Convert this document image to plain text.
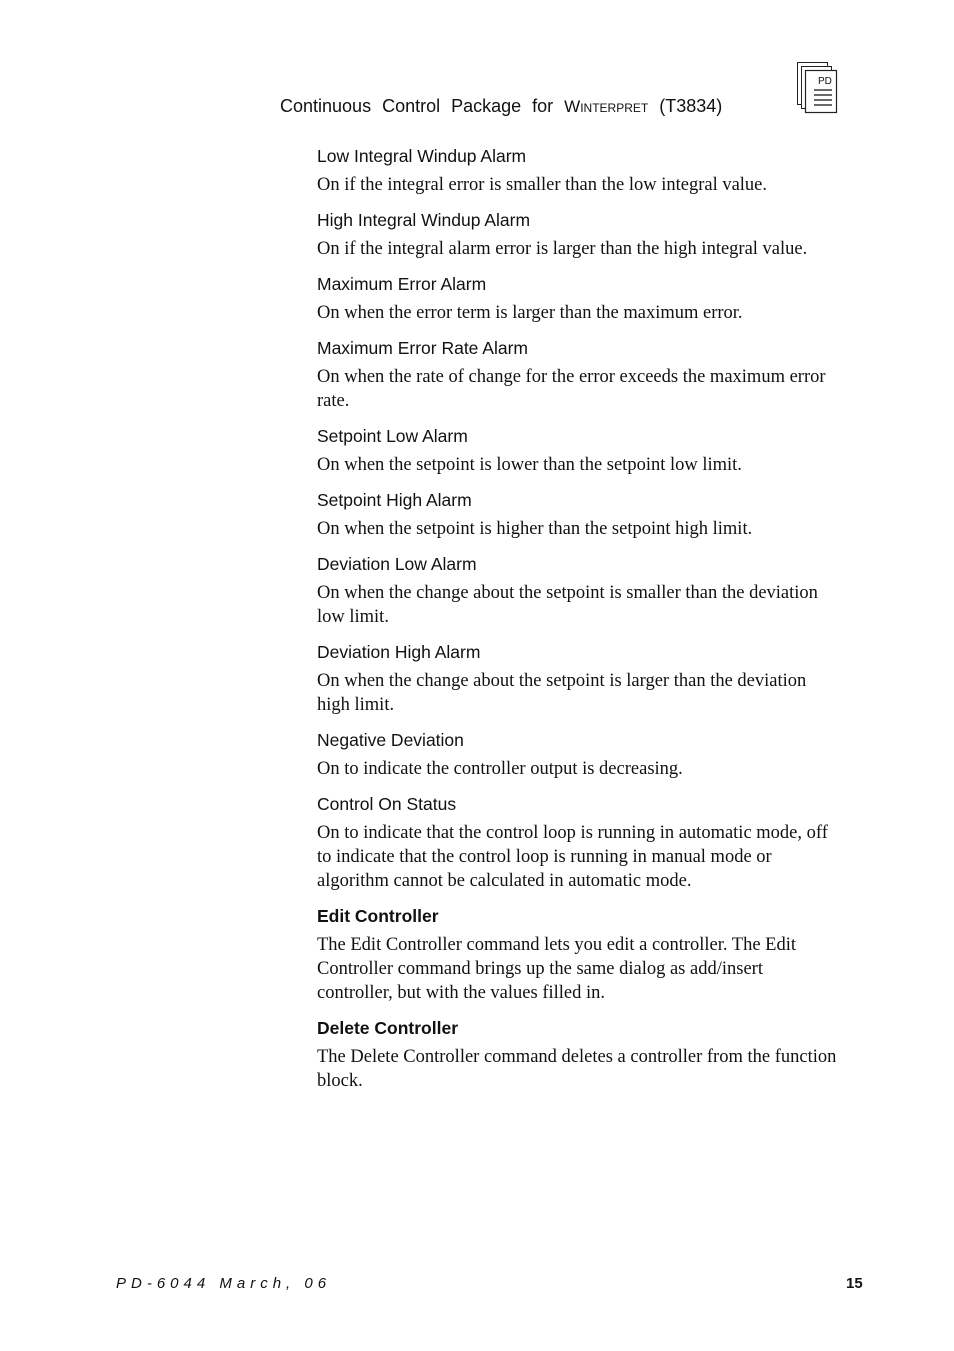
Continuous Control Package for Winterpret (T3834)
PD
Low Integral Windup Alarm

On if the integral error is smaller than the low integral value.

High Integral Windup Alarm

On if the integral alarm error is larger than the high integral value.

Maximum Error Alarm

On when the error term is larger than the maximum error.

Maximum Error Rate Alarm

On when the rate of change for the error exceeds the maximum error rate.

Setpoint Low Alarm

On when the setpoint is lower than the setpoint low limit.

Setpoint High Alarm

On when the setpoint is higher than the setpoint high limit.

Deviation Low Alarm

On when the change about the setpoint is smaller than the deviation low limit.

Deviation High Alarm

On when the change about the setpoint is larger than the deviation high limit.

Negative Deviation

On to indicate the controller output is decreasing.

Control On Status

On to indicate that the control loop is running in automatic mode, off to indicate that the control loop is running in manual mode or algorithm cannot be calculated in automatic mode.

Edit Controller

The Edit Controller command lets you edit a controller. The Edit Controller command brings up the same dialog as add/insert controller, but with the values filled in.

Delete Controller

The Delete Controller command deletes a controller from the function block.

PD-6044 March, 06	15
